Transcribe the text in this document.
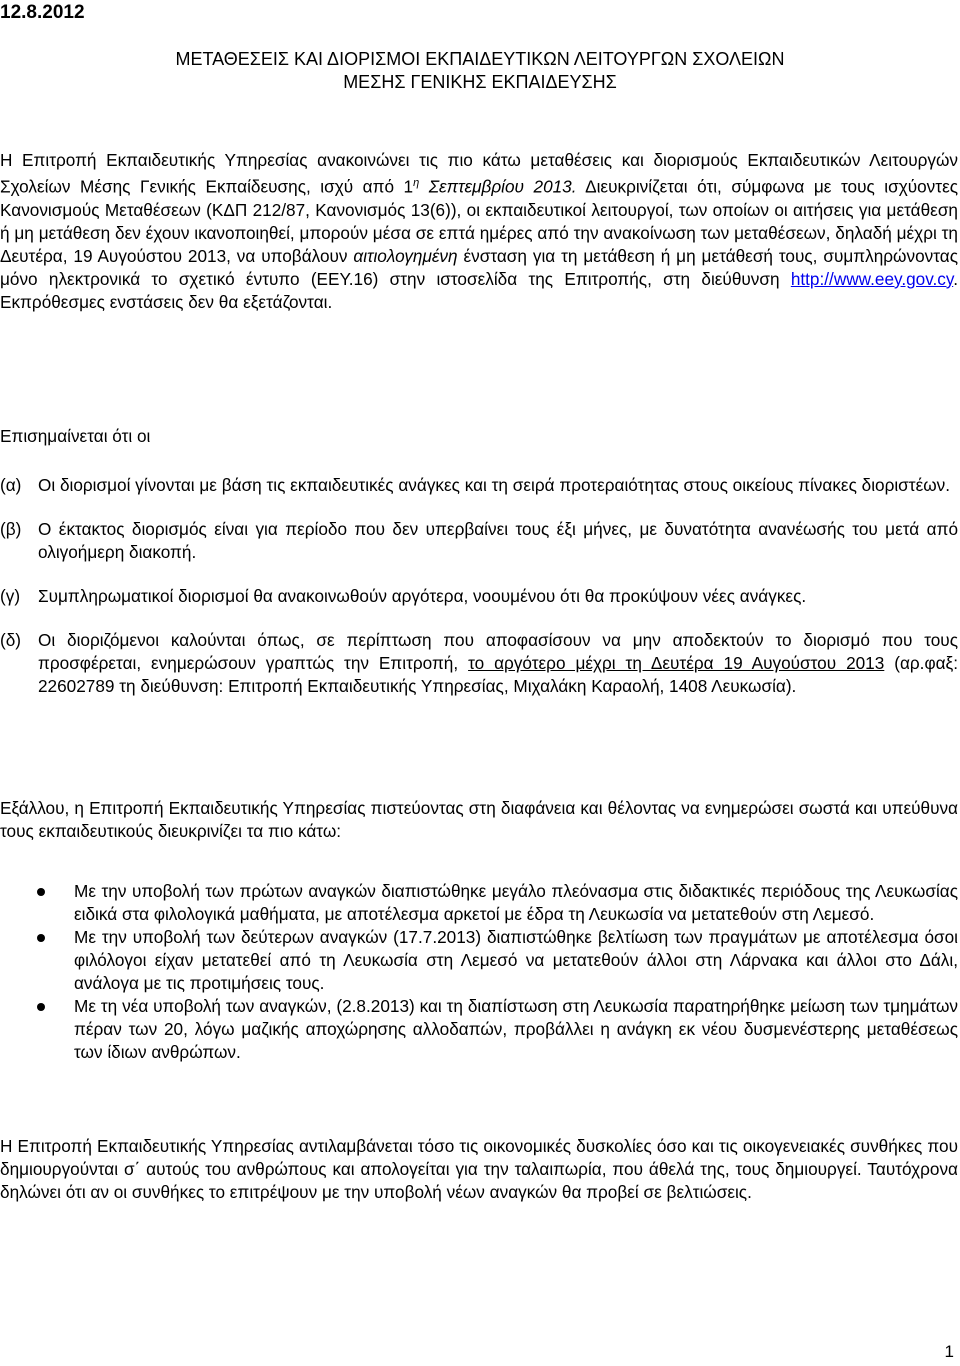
12.8.2012
ΜΕΤΑΘΕΣΕΙΣ ΚΑΙ ΔΙΟΡΙΣΜΟΙ ΕΚΠΑΙΔΕΥΤΙΚΩΝ ΛΕΙΤΟΥΡΓΩΝ ΣΧΟΛΕΙΩΝ
ΜΕΣΗΣ ΓΕΝΙΚΗΣ ΕΚΠΑΙΔΕΥΣΗΣ

Η Επιτροπή Εκπαιδευτικής Υπηρεσίας ανακοινώνει τις πιο κάτω μεταθέσεις και διορισμούς Εκπαιδευτικών Λειτουργών Σχολείων Μέσης Γενικής Εκπαίδευσης, ισχύ από $1^\eta$ Σεπτεμβρίου 2013. Διευκρινίζεται ότι, σύμφωνα με τους ισχύοντες Κανονισμούς Μεταθέσεων (ΚΔΠ 212/87, Κανονισμός 13(6)), οι εκπαιδευτικοί λειτουργοί, των οποίων οι αιτήσεις για μετάθεση ή μη μετάθεση δεν έχουν ικανοποιηθεί, μπορούν μέσα σε επτά ημέρες από την ανακοίνωση των μεταθέσεων, δηλαδή μέχρι τη Δευτέρα, 19 Αυγούστου 2013, να υποβάλουν αιτιολογημένη ένσταση για τη μετάθεση ή μη μετάθεσή τους, συμπληρώνοντας μόνο ηλεκτρονικά το σχετικό έντυπο (ΕΕΥ.16) στην ιστοσελίδα της Επιτροπής, στη διεύθυνση http://www.eey.gov.cy. Εκπρόθεσμες ενστάσεις δεν θα εξετάζονται.

Επισημαίνεται ότι οι

(α) Οι διορισμοί γίνονται με βάση τις εκπαιδευτικές ανάγκες και τη σειρά προτεραιότητας στους οικείους πίνακες διοριστέων.
(β) Ο έκτακτος διορισμός είναι για περίοδο που δεν υπερβαίνει τους έξι μήνες, με δυνατότητα ανανέωσής του μετά από ολιγοήμερη διακοπή.
(γ) Συμπληρωματικοί διορισμοί θα ανακοινωθούν αργότερα, νοουμένου ότι θα προκύψουν νέες ανάγκες.
(δ) Οι διοριζόμενοι καλούνται όπως, σε περίπτωση που αποφασίσουν να μην αποδεκτούν το διορισμό που τους προσφέρεται, ενημερώσουν γραπτώς την Επιτροπή, το αργότερο μέχρι τη Δευτέρα 19 Αυγούστου 2013 (αρ.φαξ: 22602789 τη διεύθυνση: Επιτροπή Εκπαιδευτικής Υπηρεσίας, Μιχαλάκη Καραολή, 1408 Λευκωσία).

Εξάλλου, η Επιτροπή Εκπαιδευτικής Υπηρεσίας πιστεύοντας στη διαφάνεια και θέλοντας να ενημερώσει σωστά και υπεύθυνα τους εκπαιδευτικούς διευκρινίζει τα πιο κάτω:

Με την υποβολή των πρώτων αναγκών διαπιστώθηκε μεγάλο πλεόνασμα στις διδακτικές περιόδους της Λευκωσίας ειδικά στα φιλολογικά μαθήματα, με αποτέλεσμα αρκετοί με έδρα τη Λευκωσία να μετατεθούν στη Λεμεσό.
Με την υποβολή των δεύτερων αναγκών (17.7.2013) διαπιστώθηκε βελτίωση των πραγμάτων με αποτέλεσμα όσοι φιλόλογοι είχαν μετατεθεί από τη Λευκωσία στη Λεμεσό να μετατεθούν άλλοι στη Λάρνακα και άλλοι στο Δάλι, ανάλογα με τις προτιμήσεις τους.
Με τη νέα υποβολή των αναγκών, (2.8.2013) και τη διαπίστωση στη Λευκωσία παρατηρήθηκε μείωση των τμημάτων πέραν των 20, λόγω μαζικής αποχώρησης αλλοδαπών, προβάλλει η ανάγκη εκ νέου δυσμενέστερης μεταθέσεως των ίδιων ανθρώπων.

Η Επιτροπή Εκπαιδευτικής Υπηρεσίας αντιλαμβάνεται τόσο τις οικονομικές δυσκολίες όσο και τις οικογενειακές συνθήκες που δημιουργούνται σ΄ αυτούς του ανθρώπους και απολογείται για την ταλαιπωρία, που άθελά της, τους δημιουργεί. Ταυτόχρονα δηλώνει ότι αν οι συνθήκες το επιτρέψουν με την υποβολή νέων αναγκών θα προβεί σε βελτιώσεις.

1
